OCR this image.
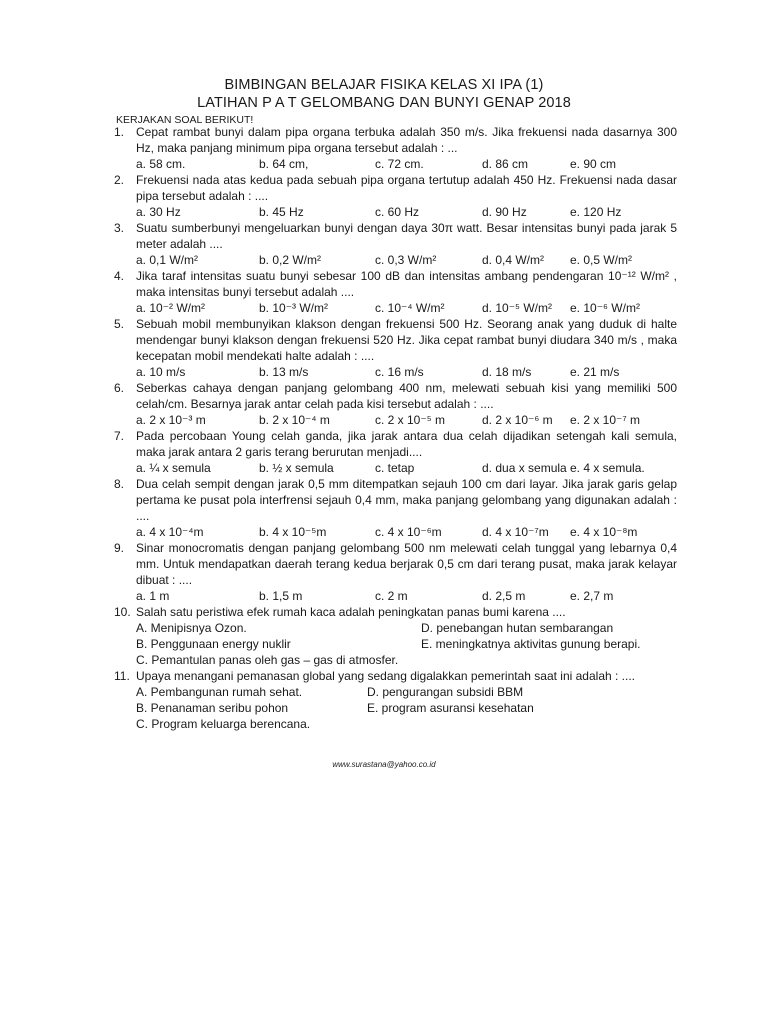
BIMBINGAN BELAJAR FISIKA KELAS XI IPA (1)
LATIHAN P A T GELOMBANG DAN BUNYI GENAP 2018
KERJAKAN SOAL BERIKUT!
1. Cepat rambat bunyi dalam pipa organa terbuka adalah 350 m/s. Jika frekuensi nada dasarnya 300 Hz, maka panjang minimum pipa organa tersebut adalah : ...
a. 58 cm.	b. 64 cm,	c. 72 cm.	d. 86 cm	e. 90 cm
2. Frekuensi nada atas kedua pada sebuah pipa organa tertutup adalah 450 Hz. Frekuensi nada dasar pipa tersebut adalah : ....
a. 30 Hz	b. 45 Hz	c. 60 Hz	d. 90 Hz	e. 120 Hz
3. Suatu sumberbunyi mengeluarkan bunyi dengan daya 30π watt. Besar intensitas bunyi pada jarak 5 meter adalah ....
a. 0,1 W/m²	b. 0,2 W/m²	c. 0,3 W/m²	d. 0,4 W/m² e. 0,5 W/m²
4. Jika taraf intensitas suatu bunyi sebesar 100 dB dan intensitas ambang pendengaran 10⁻¹² W/m² , maka intensitas bunyi tersebut adalah ....
a. 10⁻² W/m²	b. 10⁻³ W/m²	c. 10⁻⁴ W/m²	d. 10⁻⁵ W/m² e. 10⁻⁶ W/m²
5. Sebuah mobil membunyikan klakson dengan frekuensi 500 Hz. Seorang anak yang duduk di halte mendengar bunyi klakson dengan frekuensi 520 Hz. Jika cepat rambat bunyi diudara 340 m/s , maka kecepatan mobil mendekati halte adalah : ....
a. 10 m/s	b. 13 m/s	c. 16 m/s	d. 18 m/s	e. 21 m/s
6. Seberkas cahaya dengan panjang gelombang 400 nm, melewati sebuah kisi yang memiliki 500 celah/cm. Besarnya jarak antar celah pada kisi tersebut adalah : ....
a. 2 x 10⁻³ m	b. 2 x 10⁻⁴ m	c. 2 x 10⁻⁵ m	d. 2 x 10⁻⁶ m e. 2 x 10⁻⁷ m
7. Pada percobaan Young celah ganda, jika jarak antara dua celah dijadikan setengah kali semula, maka jarak antara 2 garis terang berurutan menjadi....
a. ¼ x semula	b. ½ x semula	c. tetap	d. dua x semula e. 4 x semula.
8. Dua celah sempit dengan jarak 0,5 mm ditempatkan sejauh 100 cm dari layar. Jika jarak garis gelap pertama ke pusat pola interfrensi sejauh 0,4 mm, maka panjang gelombang yang digunakan adalah : ....
a. 4 x 10⁻⁴m	b. 4 x 10⁻⁵m	c. 4 x 10⁻⁶m	d. 4 x 10⁻⁷m e. 4 x 10⁻⁸m
9. Sinar monocromatis dengan panjang gelombang 500 nm melewati celah tunggal yang lebarnya 0,4 mm. Untuk mendapatkan daerah terang kedua berjarak 0,5 cm dari terang pusat, maka jarak kelayar dibuat : ....
a. 1 m	b. 1,5 m	c. 2 m	d. 2,5 m	e. 2,7 m
10. Salah satu peristiwa efek rumah kaca adalah peningkatan panas bumi karena ....
A. Menipisnya Ozon.	D. penebangan hutan sembarangan
B. Penggunaan energy nuklir	E. meningkatnya aktivitas gunung berapi.
C. Pemantulan panas oleh gas – gas di atmosfer.
11. Upaya menangani pemanasan global yang sedang digalakkan pemerintah saat ini adalah : ....
A. Pembangunan rumah sehat.	D. pengurangan subsidi BBM
B. Penanaman seribu pohon	E. program asuransi kesehatan
C. Program keluarga berencana.
www.surastana@yahoo.co.id
